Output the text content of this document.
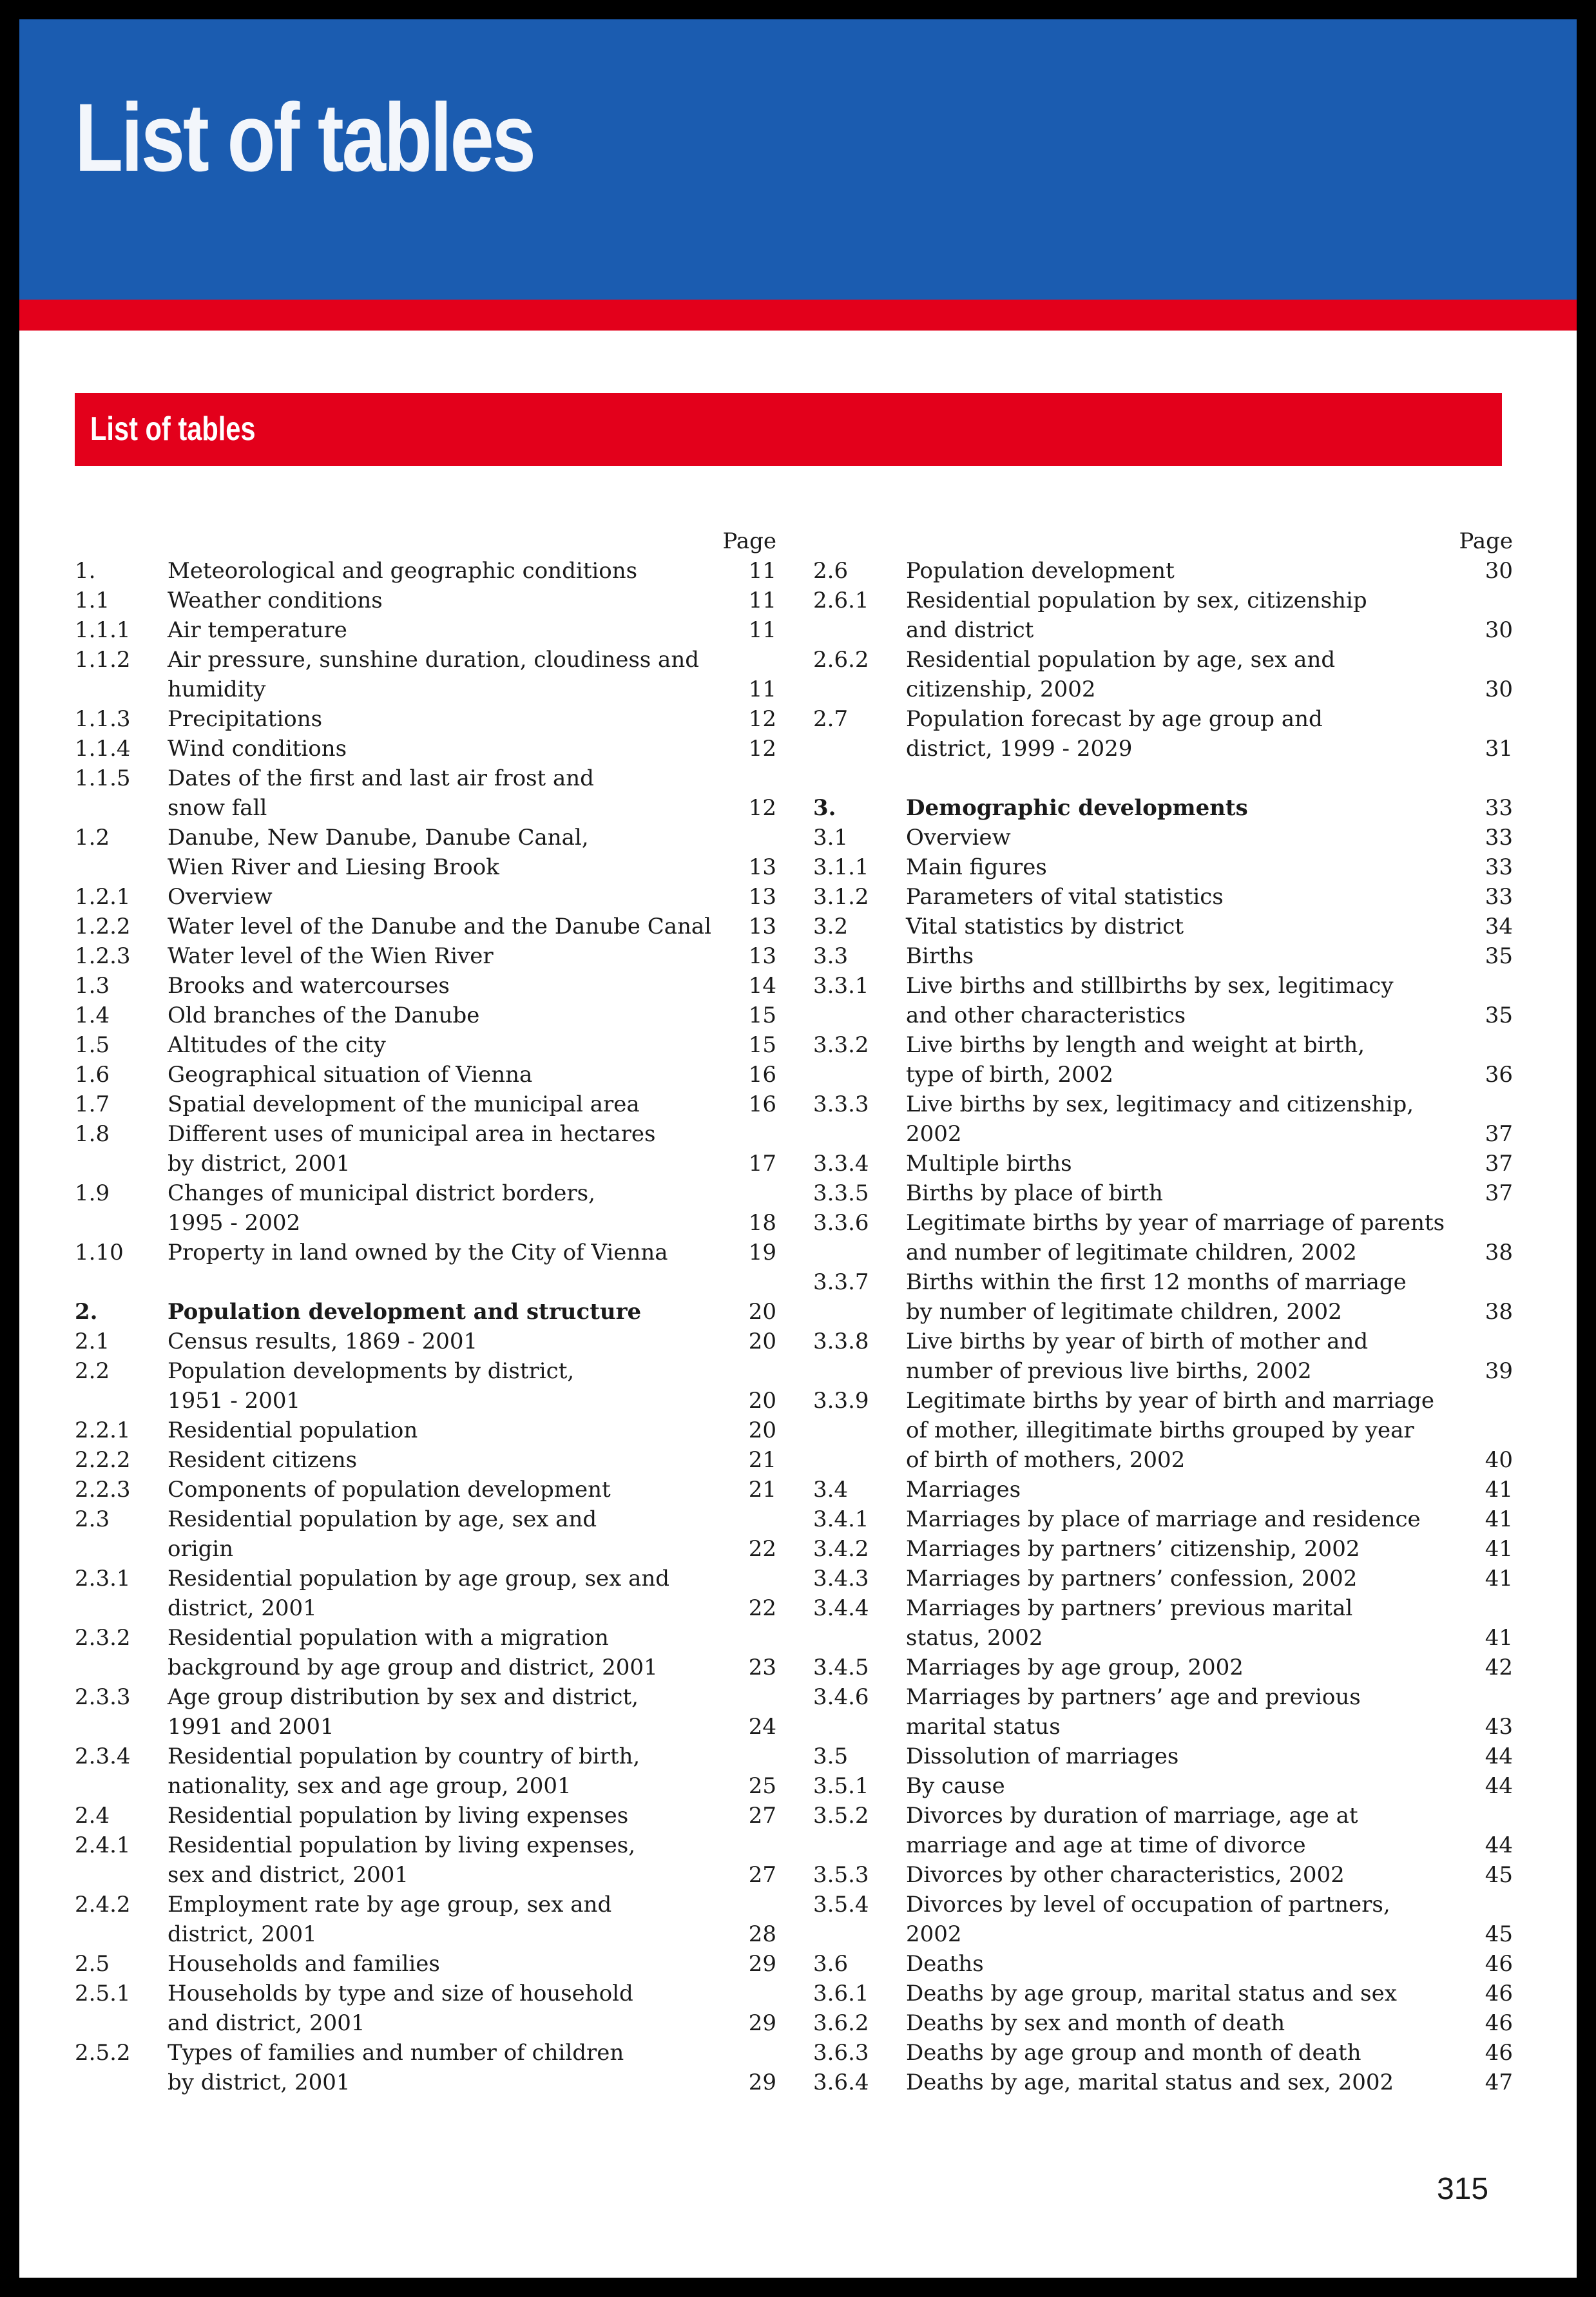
List of tables
List of tables
Page
1.	Meteorological and geographic conditions	11
1.1	Weather conditions	11
1.1.1	Air temperature	11
1.1.2	Air pressure, sunshine duration, cloudiness and
humidity	11
1.1.3	Precipitations	12
1.1.4	Wind conditions	12
1.1.5	Dates of the first and last air frost and
snow fall	12
1.2	Danube, New Danube, Danube Canal,
Wien River and Liesing Brook	13
1.2.1	Overview	13
1.2.2	Water level of the Danube and the Danube Canal	13
1.2.3	Water level of the Wien River	13
1.3	Brooks and watercourses	14
1.4	Old branches of the Danube	15
1.5	Altitudes of the city	15
1.6	Geographical situation of Vienna	16
1.7	Spatial development of the municipal area	16
1.8	Different uses of municipal area in hectares
by district, 2001	17
1.9	Changes of municipal district borders,
1995 - 2002	18
1.10	Property in land owned by the City of Vienna	19
2.	Population development and structure	20
2.1	Census results, 1869 - 2001	20
2.2	Population developments by district,
1951 - 2001	20
2.2.1	Residential population	20
2.2.2	Resident citizens	21
2.2.3	Components of population development	21
2.3	Residential population by age, sex and
origin	22
2.3.1	Residential population by age group, sex and
district, 2001	22
2.3.2	Residential population with a migration
background by age group and district, 2001	23
2.3.3	Age group distribution by sex and district,
1991 and 2001	24
2.3.4	Residential population by country of birth,
nationality, sex and age group, 2001	25
2.4	Residential population by living expenses	27
2.4.1	Residential population by living expenses,
sex and district, 2001	27
2.4.2	Employment rate by age group, sex and
district, 2001	28
2.5	Households and families	29
2.5.1	Households by type and size of household
and district, 2001	29
2.5.2	Types of families and number of children
by district, 2001	29
Page
2.6	Population development	30
2.6.1	Residential population by sex, citizenship
and district	30
2.6.2	Residential population by age, sex and
citizenship, 2002	30
2.7	Population forecast by age group and
district, 1999 - 2029	31
3.	Demographic developments	33
3.1	Overview	33
3.1.1	Main figures	33
3.1.2	Parameters of vital statistics	33
3.2	Vital statistics by district	34
3.3	Births	35
3.3.1	Live births and stillbirths by sex, legitimacy
and other characteristics	35
3.3.2	Live births by length and weight at birth,
type of birth, 2002	36
3.3.3	Live births by sex, legitimacy and citizenship,
2002	37
3.3.4	Multiple births	37
3.3.5	Births by place of birth	37
3.3.6	Legitimate births by year of marriage of parents
and number of legitimate children, 2002	38
3.3.7	Births within the first 12 months of marriage
by number of legitimate children, 2002	38
3.3.8	Live births by year of birth of mother and
number of previous live births, 2002	39
3.3.9	Legitimate births by year of birth and marriage
of mother, illegitimate births grouped by year
of birth of mothers, 2002	40
3.4	Marriages	41
3.4.1	Marriages by place of marriage and residence	41
3.4.2	Marriages by partners’ citizenship, 2002	41
3.4.3	Marriages by partners’ confession, 2002	41
3.4.4	Marriages by partners’ previous marital
status, 2002	41
3.4.5	Marriages by age group, 2002	42
3.4.6	Marriages by partners’ age and previous
marital status	43
3.5	Dissolution of marriages	44
3.5.1	By cause	44
3.5.2	Divorces by duration of marriage, age at
marriage and age at time of divorce	44
3.5.3	Divorces by other characteristics, 2002	45
3.5.4	Divorces by level of occupation of partners,
2002	45
3.6	Deaths	46
3.6.1	Deaths by age group, marital status and sex	46
3.6.2	Deaths by sex and month of death	46
3.6.3	Deaths by age group and month of death	46
3.6.4	Deaths by age, marital status and sex, 2002	47
315
